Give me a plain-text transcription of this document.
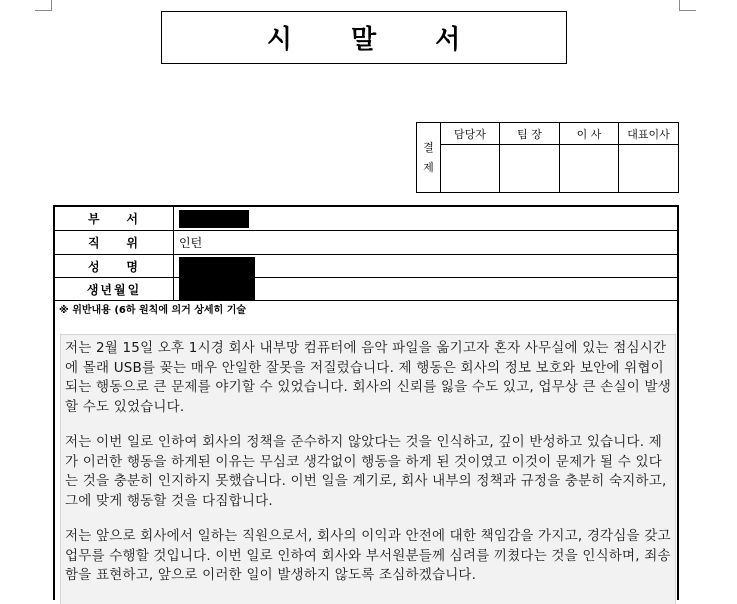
시 말 서
결
제	담당자	팀 장	이 사	대표이사

부    서
직    위	인턴
성    명
생년월일
※ 위반내용 (6하 원칙에 의거 상세히 기술

저는 2월 15일 오후 1시경 회사 내부망 컴퓨터에 음악 파일을 옮기고자 혼자 사무실에 있는 점심시간에 몰래 USB를 꽂는 매우 안일한 잘못을 저질렀습니다. 제 행동은 회사의 정보 보호와 보안에 위협이 되는 행동으로 큰 문제를 야기할 수 있었습니다. 회사의 신뢰를 잃을 수도 있고, 업무상 큰 손실이 발생할 수도 있었습니다.

저는 이번 일로 인하여 회사의 정책을 준수하지 않았다는 것을 인식하고, 깊이 반성하고 있습니다. 제가 이러한 행동을 하게된 이유는 무심코 생각없이 행동을 하게 된 것이였고 이것이 문제가 될 수 있다는 것을 충분히 인지하지 못했습니다. 이번 일을 계기로, 회사 내부의 정책과 규정을 충분히 숙지하고, 그에 맞게 행동할 것을 다짐합니다.

저는 앞으로 회사에서 일하는 직원으로서, 회사의 이익과 안전에 대한 책임감을 가지고, 경각심을 갖고 업무를 수행할 것입니다. 이번 일로 인하여 회사와 부서원분들께 심려를 끼쳤다는 것을 인식하며, 죄송함을 표현하고, 앞으로 이러한 일이 발생하지 않도록 조심하겠습니다.
